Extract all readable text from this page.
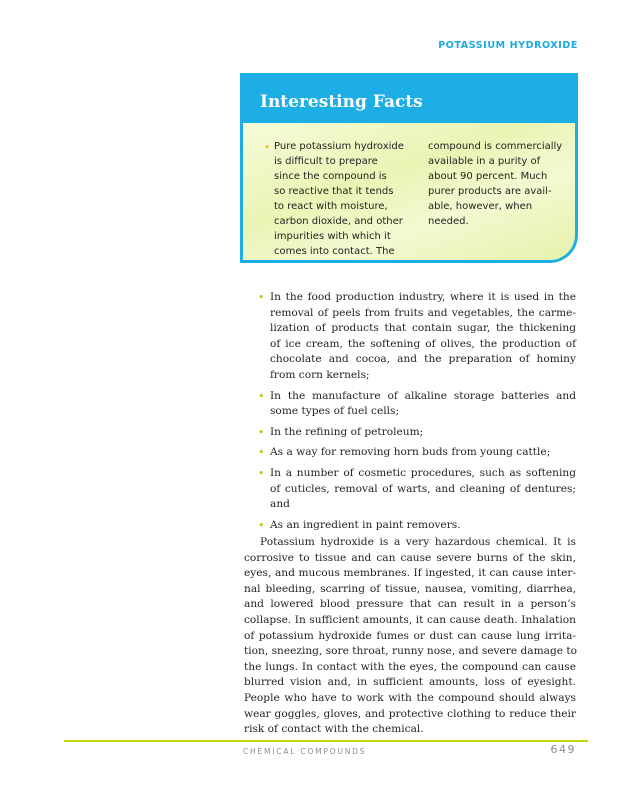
POTASSIUM HYDROXIDE
Interesting Facts
• Pure potassium hydroxide
is difficult to prepare
since the compound is
so reactive that it tends
to react with moisture,
carbon dioxide, and other
impurities with which it
comes into contact. The
compound is commercially
available in a purity of
about 90 percent. Much
purer products are avail-
able, however, when
needed.
• In the food production industry, where it is used in the
removal of peels from fruits and vegetables, the carme-
lization of products that contain sugar, the thickening
of ice cream, the softening of olives, the production of
chocolate and cocoa, and the preparation of hominy
from corn kernels;
• In the manufacture of alkaline storage batteries and
some types of fuel cells;
• In the refining of petroleum;
• As a way for removing horn buds from young cattle;
• In a number of cosmetic procedures, such as softening
of cuticles, removal of warts, and cleaning of dentures;
and
• As an ingredient in paint removers.
Potassium hydroxide is a very hazardous chemical. It is
corrosive to tissue and can cause severe burns of the skin,
eyes, and mucous membranes. If ingested, it can cause inter-
nal bleeding, scarring of tissue, nausea, vomiting, diarrhea,
and lowered blood pressure that can result in a person’s
collapse. In sufficient amounts, it can cause death. Inhalation
of potassium hydroxide fumes or dust can cause lung irrita-
tion, sneezing, sore throat, runny nose, and severe damage to
the lungs. In contact with the eyes, the compound can cause
blurred vision and, in sufficient amounts, loss of eyesight.
People who have to work with the compound should always
wear goggles, gloves, and protective clothing to reduce their
risk of contact with the chemical.
CHEMICAL COMPOUNDS	649
